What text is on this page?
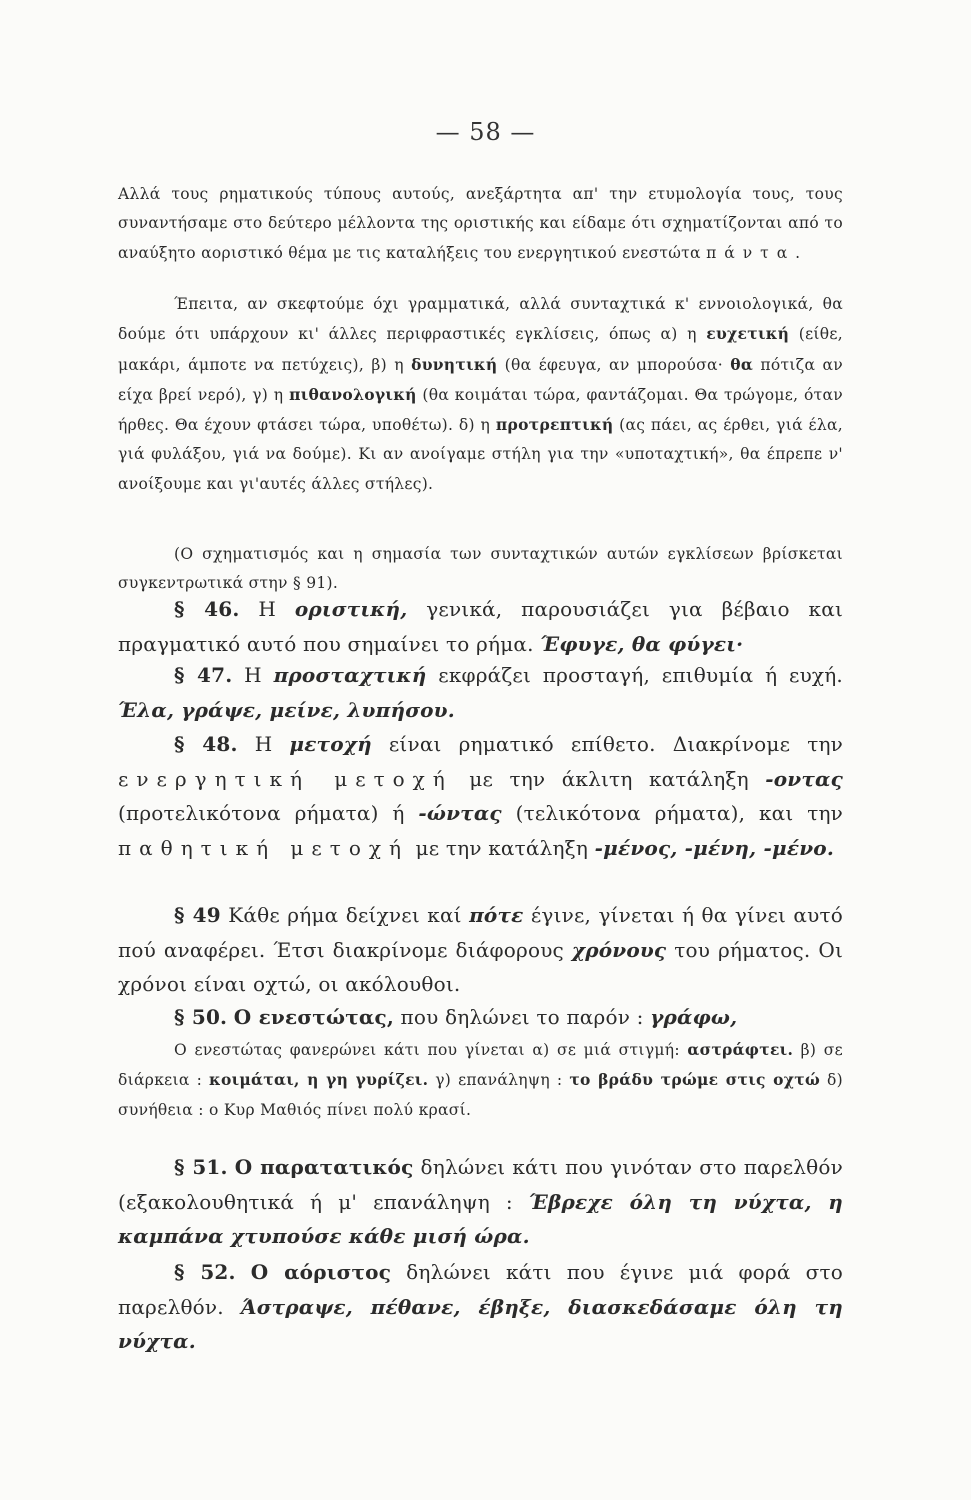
— 58 —

Αλλά τους ρηματικούς τύπους αυτούς, ανεξάρτητα απ' την ετυμολογία τους, τους συναντήσαμε στο δεύτερο μέλλοντα της οριστικής και είδαμε ότι σχηματίζονται από το αναύξητο αοριστικό θέμα με τις καταλήξεις του ενεργητικού ενεστώτα πάντα.

Έπειτα, αν σκεφτούμε όχι γραμματικά, αλλά συνταχτικά κ' εννοιολογικά, θα δούμε ότι υπάρχουν κι' άλλες περιφραστικές εγκλίσεις, όπως α) η ευχετική (είθε, μακάρι, άμποτε να πετύχεις), β) η δυνητική (θα έφευγα, αν μπορούσα· θα πότιζα αν είχα βρεί νερό), γ) η πιθανολογική (θα κοιμάται τώρα, φαντάζομαι. Θα τρώγομε, όταν ήρθες. Θα έχουν φτάσει τώρα, υποθέτω). δ) η προτρεπτική (ας πάει, ας έρθει, γιά έλα, γιά φυλάξου, γιά να δούμε). Κι αν ανοίγαμε στήλη για την «υποταχτική», θα έπρεπε ν' ανοίξουμε και γι'αυτές άλλες στήλες).

(Ο σχηματισμός και η σημασία των συνταχτικών αυτών εγκλίσεων βρίσκεται συγκεντρωτικά στην § 91).

§ 46. Η οριστική, γενικά, παρουσιάζει για βέβαιο και πραγματικό αυτό που σημαίνει το ρήμα. Έφυγε, θα φύγει·

§ 47. Η προσταχτική εκφράζει προσταγή, επιθυμία ή ευχή. Έλα, γράψε, μείνε, λυπήσου.

§ 48. Η μετοχή είναι ρηματικό επίθετο. Διακρίνομε την ενεργητική μετοχή με την άκλιτη κατάληξη -οντας (προτελικότονα ρήματα) ή -ώντας (τελικότονα ρήματα), και την παθητική μετοχή με την κατάληξη -μένος, -μένη, -μένο.

§ 49 Κάθε ρήμα δείχνει καί πότε έγινε, γίνεται ή θα γίνει αυτό πού αναφέρει. Έτσι διακρίνομε διάφορους χρόνους του ρήματος. Οι χρόνοι είναι οχτώ, οι ακόλουθοι.

§ 50. Ο ενεστώτας, που δηλώνει το παρόν : γράφω,

Ο ενεστώτας φανερώνει κάτι που γίνεται α) σε μιά στιγμή: αστράφτει. β) σε διάρκεια : κοιμάται, η γη γυρίζει. γ) επανάληψη : το βράδυ τρώμε στις οχτώ δ) συνήθεια : ο Κυρ Μαθιός πίνει πολύ κρασί.

§ 51. Ο παρατατικός δηλώνει κάτι που γινόταν στο παρελθόν (εξακολουθητικά ή μ' επανάληψη : Έβρεχε όλη τη νύχτα, η καμπάνα χτυπούσε κάθε μισή ώρα.

§ 52. Ο αόριστος δηλώνει κάτι που έγινε μιά φορά στο παρελθόν. Άστραψε, πέθανε, έβηξε, διασκεδάσαμε όλη τη νύχτα.
